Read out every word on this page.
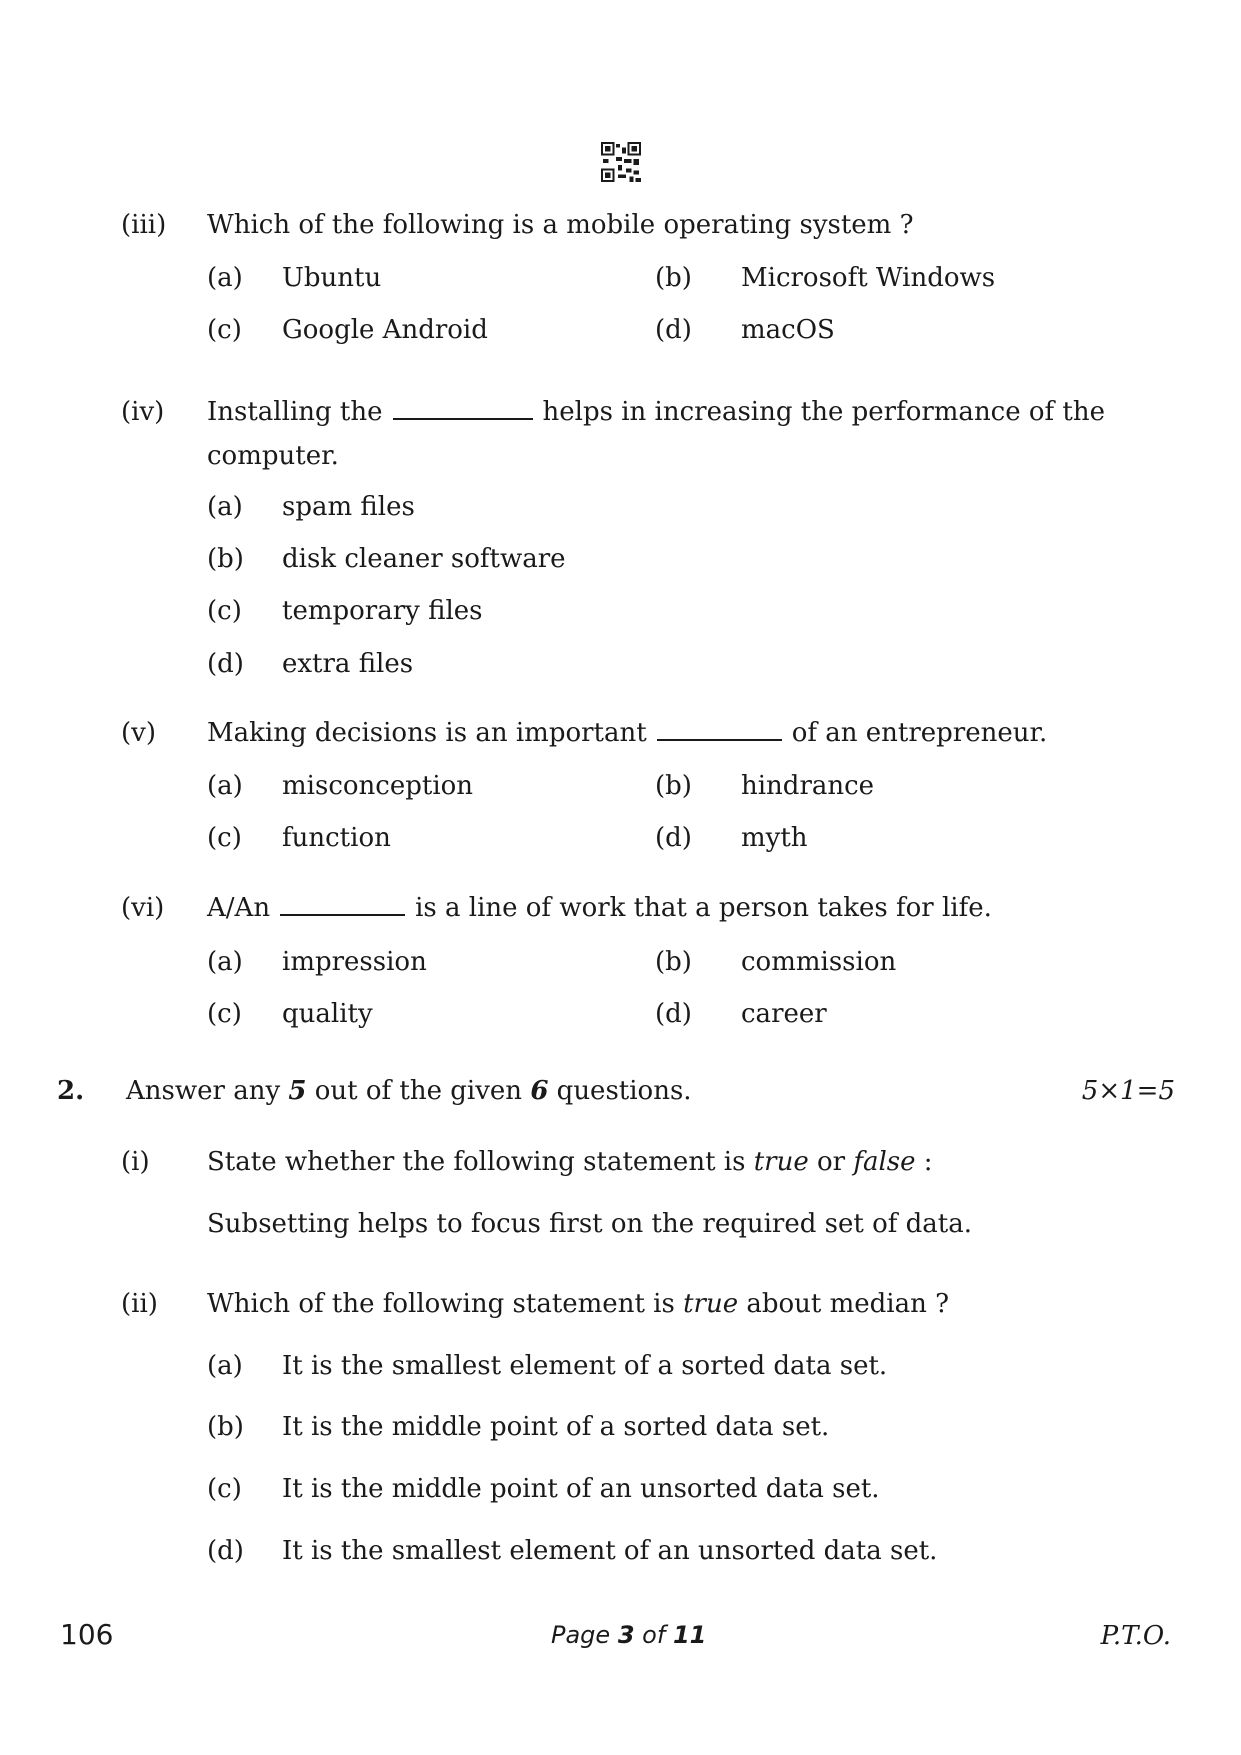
(iii) Which of the following is a mobile operating system ?
(a) Ubuntu	(b) Microsoft Windows
(c) Google Android	(d) macOS
(iv) Installing the	helps in increasing the performance of the
computer.
(a) spam files
(b) disk cleaner software
(c) temporary files
(d) extra files
(v) Making decisions is an important	of an entrepreneur.
(a) misconception	(b) hindrance
(c) function	(d) myth
(vi) A/An	is a line of work that a person takes for life.
(a) impression	(b) commission
(c) quality	(d) career
2. Answer any 5 out of the given 6 questions.	5×1=5
(i) State whether the following statement is true or false :
Subsetting helps to focus first on the required set of data.
(ii) Which of the following statement is true about median ?
(a) It is the smallest element of a sorted data set.
(b) It is the middle point of a sorted data set.
(c) It is the middle point of an unsorted data set.
(d) It is the smallest element of an unsorted data set.
106	Page 3 of 11	P.T.O.
